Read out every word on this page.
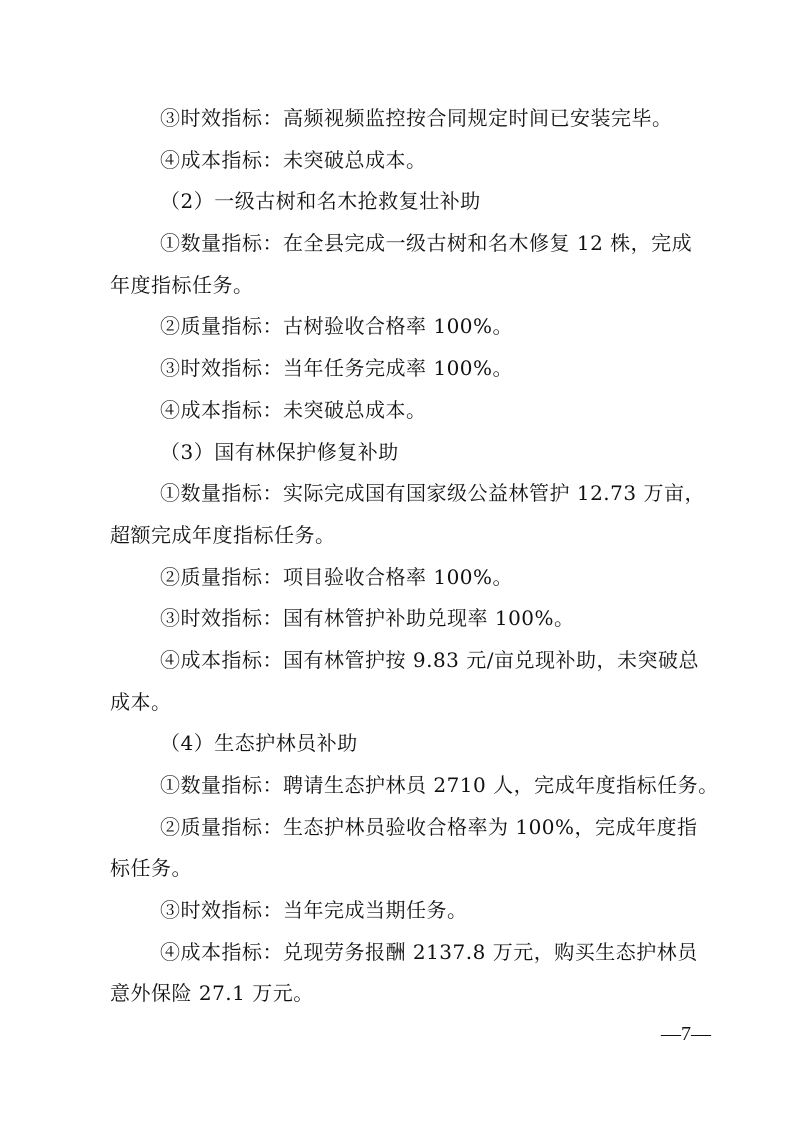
③时效指标：高频视频监控按合同规定时间已安装完毕。
④成本指标：未突破总成本。
（2）一级古树和名木抢救复壮补助
①数量指标：在全县完成一级古树和名木修复 12 株，完成
年度指标任务。
②质量指标：古树验收合格率 100%。
③时效指标：当年任务完成率 100%。
④成本指标：未突破总成本。
（3）国有林保护修复补助
①数量指标：实际完成国有国家级公益林管护 12.73 万亩，
超额完成年度指标任务。
②质量指标：项目验收合格率 100%。
③时效指标：国有林管护补助兑现率 100%。
④成本指标：国有林管护按 9.83 元/亩兑现补助，未突破总
成本。
（4）生态护林员补助
①数量指标：聘请生态护林员 2710 人，完成年度指标任务。
②质量指标：生态护林员验收合格率为 100%，完成年度指
标任务。
③时效指标：当年完成当期任务。
④成本指标：兑现劳务报酬 2137.8 万元，购买生态护林员
意外保险 27.1 万元。
—7—
